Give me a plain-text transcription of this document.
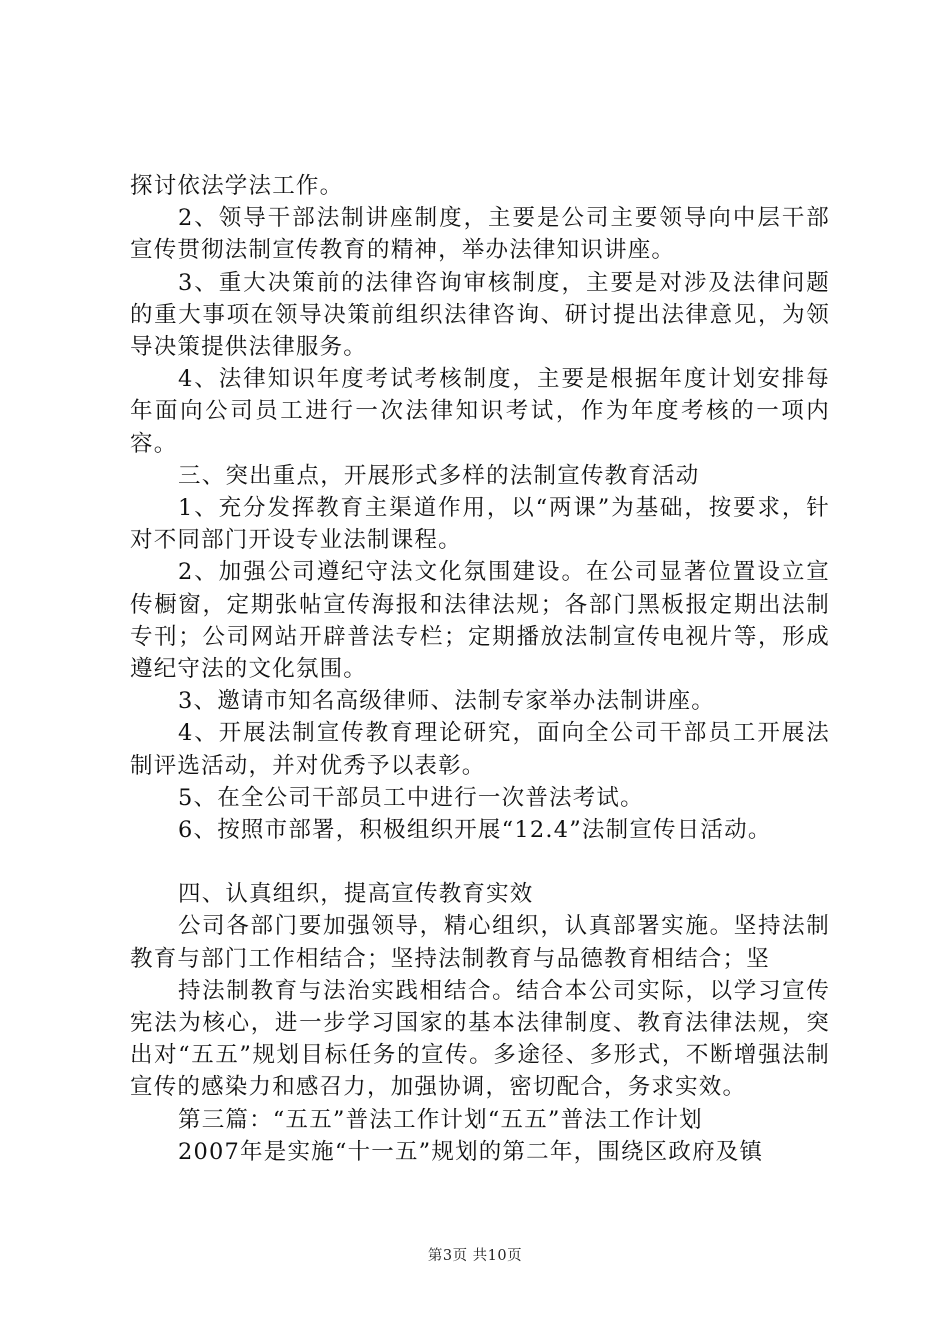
探讨依法学法工作。

2、领导干部法制讲座制度，主要是公司主要领导向中层干部宣传贯彻法制宣传教育的精神，举办法律知识讲座。

3、重大决策前的法律咨询审核制度，主要是对涉及法律问题的重大事项在领导决策前组织法律咨询、研讨提出法律意见，为领导决策提供法律服务。

4、法律知识年度考试考核制度，主要是根据年度计划安排每年面向公司员工进行一次法律知识考试，作为年度考核的一项内容。

三、突出重点，开展形式多样的法制宣传教育活动

1、充分发挥教育主渠道作用，以“两课”为基础，按要求，针对不同部门开设专业法制课程。

2、加强公司遵纪守法文化氛围建设。在公司显著位置设立宣传橱窗，定期张帖宣传海报和法律法规；各部门黑板报定期出法制专刊；公司网站开辟普法专栏；定期播放法制宣传电视片等，形成遵纪守法的文化氛围。

3、邀请市知名高级律师、法制专家举办法制讲座。

4、开展法制宣传教育理论研究，面向全公司干部员工开展法制评选活动，并对优秀予以表彰。

5、在全公司干部员工中进行一次普法考试。

6、按照市部署，积极组织开展“12.4”法制宣传日活动。

四、认真组织，提高宣传教育实效

公司各部门要加强领导，精心组织，认真部署实施。坚持法制教育与部门工作相结合；坚持法制教育与品德教育相结合；坚

持法制教育与法治实践相结合。结合本公司实际，以学习宣传宪法为核心，进一步学习国家的基本法律制度、教育法律法规，突出对“五五”规划目标任务的宣传。多途径、多形式，不断增强法制宣传的感染力和感召力，加强协调，密切配合，务求实效。

第三篇：“五五”普法工作计划“五五”普法工作计划

2007年是实施“十一五”规划的第二年，围绕区政府及镇

第3页 共10页
